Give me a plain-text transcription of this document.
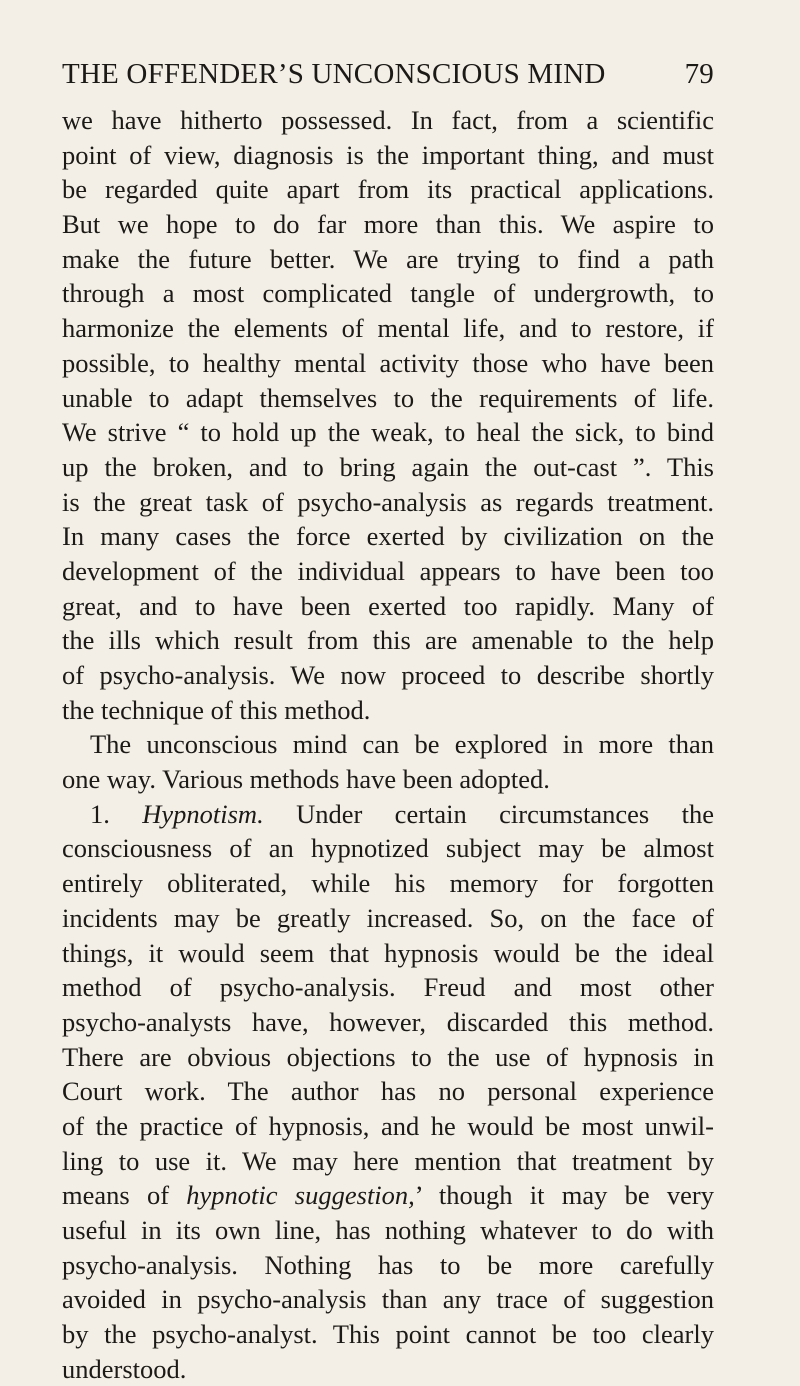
THE OFFENDER’S UNCONSCIOUS MIND	79
we have hitherto possessed. In fact, from a scientific
point of view, diagnosis is the important thing, and must
be regarded quite apart from its practical applications.
But we hope to do far more than this. We aspire to
make the future better. We are trying to find a path
through a most complicated tangle of undergrowth, to
harmonize the elements of mental life, and to restore, if
possible, to healthy mental activity those who have been
unable to adapt themselves to the requirements of life.
We strive “ to hold up the weak, to heal the sick, to bind
up the broken, and to bring again the out-cast ”. This
is the great task of psycho-analysis as regards treatment.
In many cases the force exerted by civilization on the
development of the individual appears to have been too
great, and to have been exerted too rapidly. Many of
the ills which result from this are amenable to the help
of psycho-analysis. We now proceed to describe shortly
the technique of this method.
The unconscious mind can be explored in more than
one way. Various methods have been adopted.
1. Hypnotism. Under certain circumstances the
consciousness of an hypnotized subject may be almost
entirely obliterated, while his memory for forgotten
incidents may be greatly increased. So, on the face of
things, it would seem that hypnosis would be the ideal
method of psycho-analysis. Freud and most other
psycho-analysts have, however, discarded this method.
There are obvious objections to the use of hypnosis in
Court work. The author has no personal experience
of the practice of hypnosis, and he would be most unwil-
ling to use it. We may here mention that treatment by
means of hypnotic suggestion,’ though it may be very
useful in its own line, has nothing whatever to do with
psycho-analysis. Nothing has to be more carefully
avoided in psycho-analysis than any trace of suggestion
by the psycho-analyst. This point cannot be too clearly
understood.
